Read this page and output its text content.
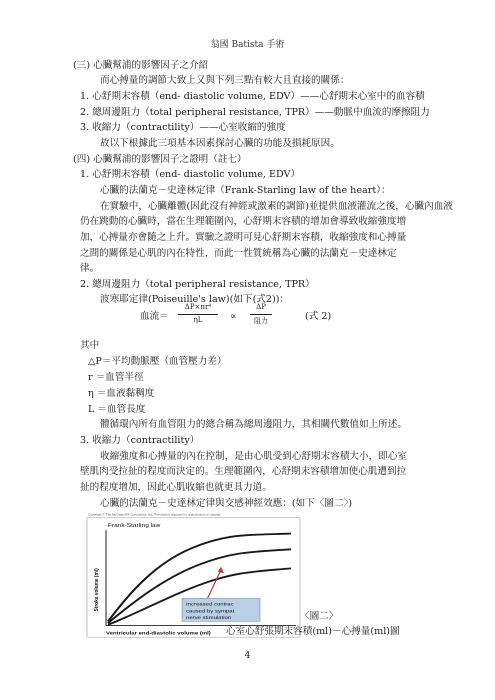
翁國 Batista 手術
(三) 心臟幫浦的影響因子之介紹
而心搏量的調節大致上又與下列三點有較大且直接的關係：
1. 心舒期末容積（end- diastolic volume, EDV）——心舒期末心室中的血容積
2. 總周邊阻力（total peripheral resistance, TPR）——動脈中血流的摩擦阻力
3. 收縮力（contractility）——心室收縮的強度
故以下根據此三項基本因素探討心臟的功能及損耗原因。
(四) 心臟幫浦的影響因子之證明（註七）
1. 心舒期末容積（end- diastolic volume, EDV）
心臟的法蘭克－史達林定律（Frank-Starling law of the heart）：
在實驗中，心臟離體(因此沒有神經或激素的調節)並提供血液灌流之後，心臟內血液
仍在跳動的心臟時，當在生理範圍內，心舒期末容積的增加會導致收縮強度增
加，心搏量亦會隨之上升。實驗之證明可見心舒期末容積，收縮強度和心搏量
之間的關係是心肌的內在特性，而此一性質統稱為心臟的法蘭克－史達林定
律。
2. 總周邊阻力（total peripheral resistance, TPR）
波寒耶定律(Poiseuille's law)(如下(式2))：
血流＝
ΔP×πr⁴
ηL	∝
ΔP
阻力	(式 2)
其中
△P＝平均動脈壓（血管壓力差）
r ＝血管半徑
η ＝血液黏稠度
L ＝血管長度
體循環內所有血管阻力的總合稱為總周邊阻力，其相關代數值如上所述。
3. 收縮力（contractility）
收縮強度和心搏量的內在控制，是由心肌受到心舒期末容積大小，即心室
壁肌肉受拉扯的程度而決定的。生理範圍內，心舒期末容積增加使心肌遭到拉
扯的程度增加，因此心肌收縮也就更具力道。
心臟的法蘭克－史達林定律與交感神經效應：(如下〈圖二〉)
Copyright © The McGraw-Hill Companies, Inc. Permission required for reproduction or display.
Frank-Starling law
Increased contrac
caused by sympat
nerve stimulation
Stroke volume (ml)
Ventricular end-diastolic volume (ml)
〈圖二〉
心室心舒張期末容積(ml)－心搏量(ml)圖
4
